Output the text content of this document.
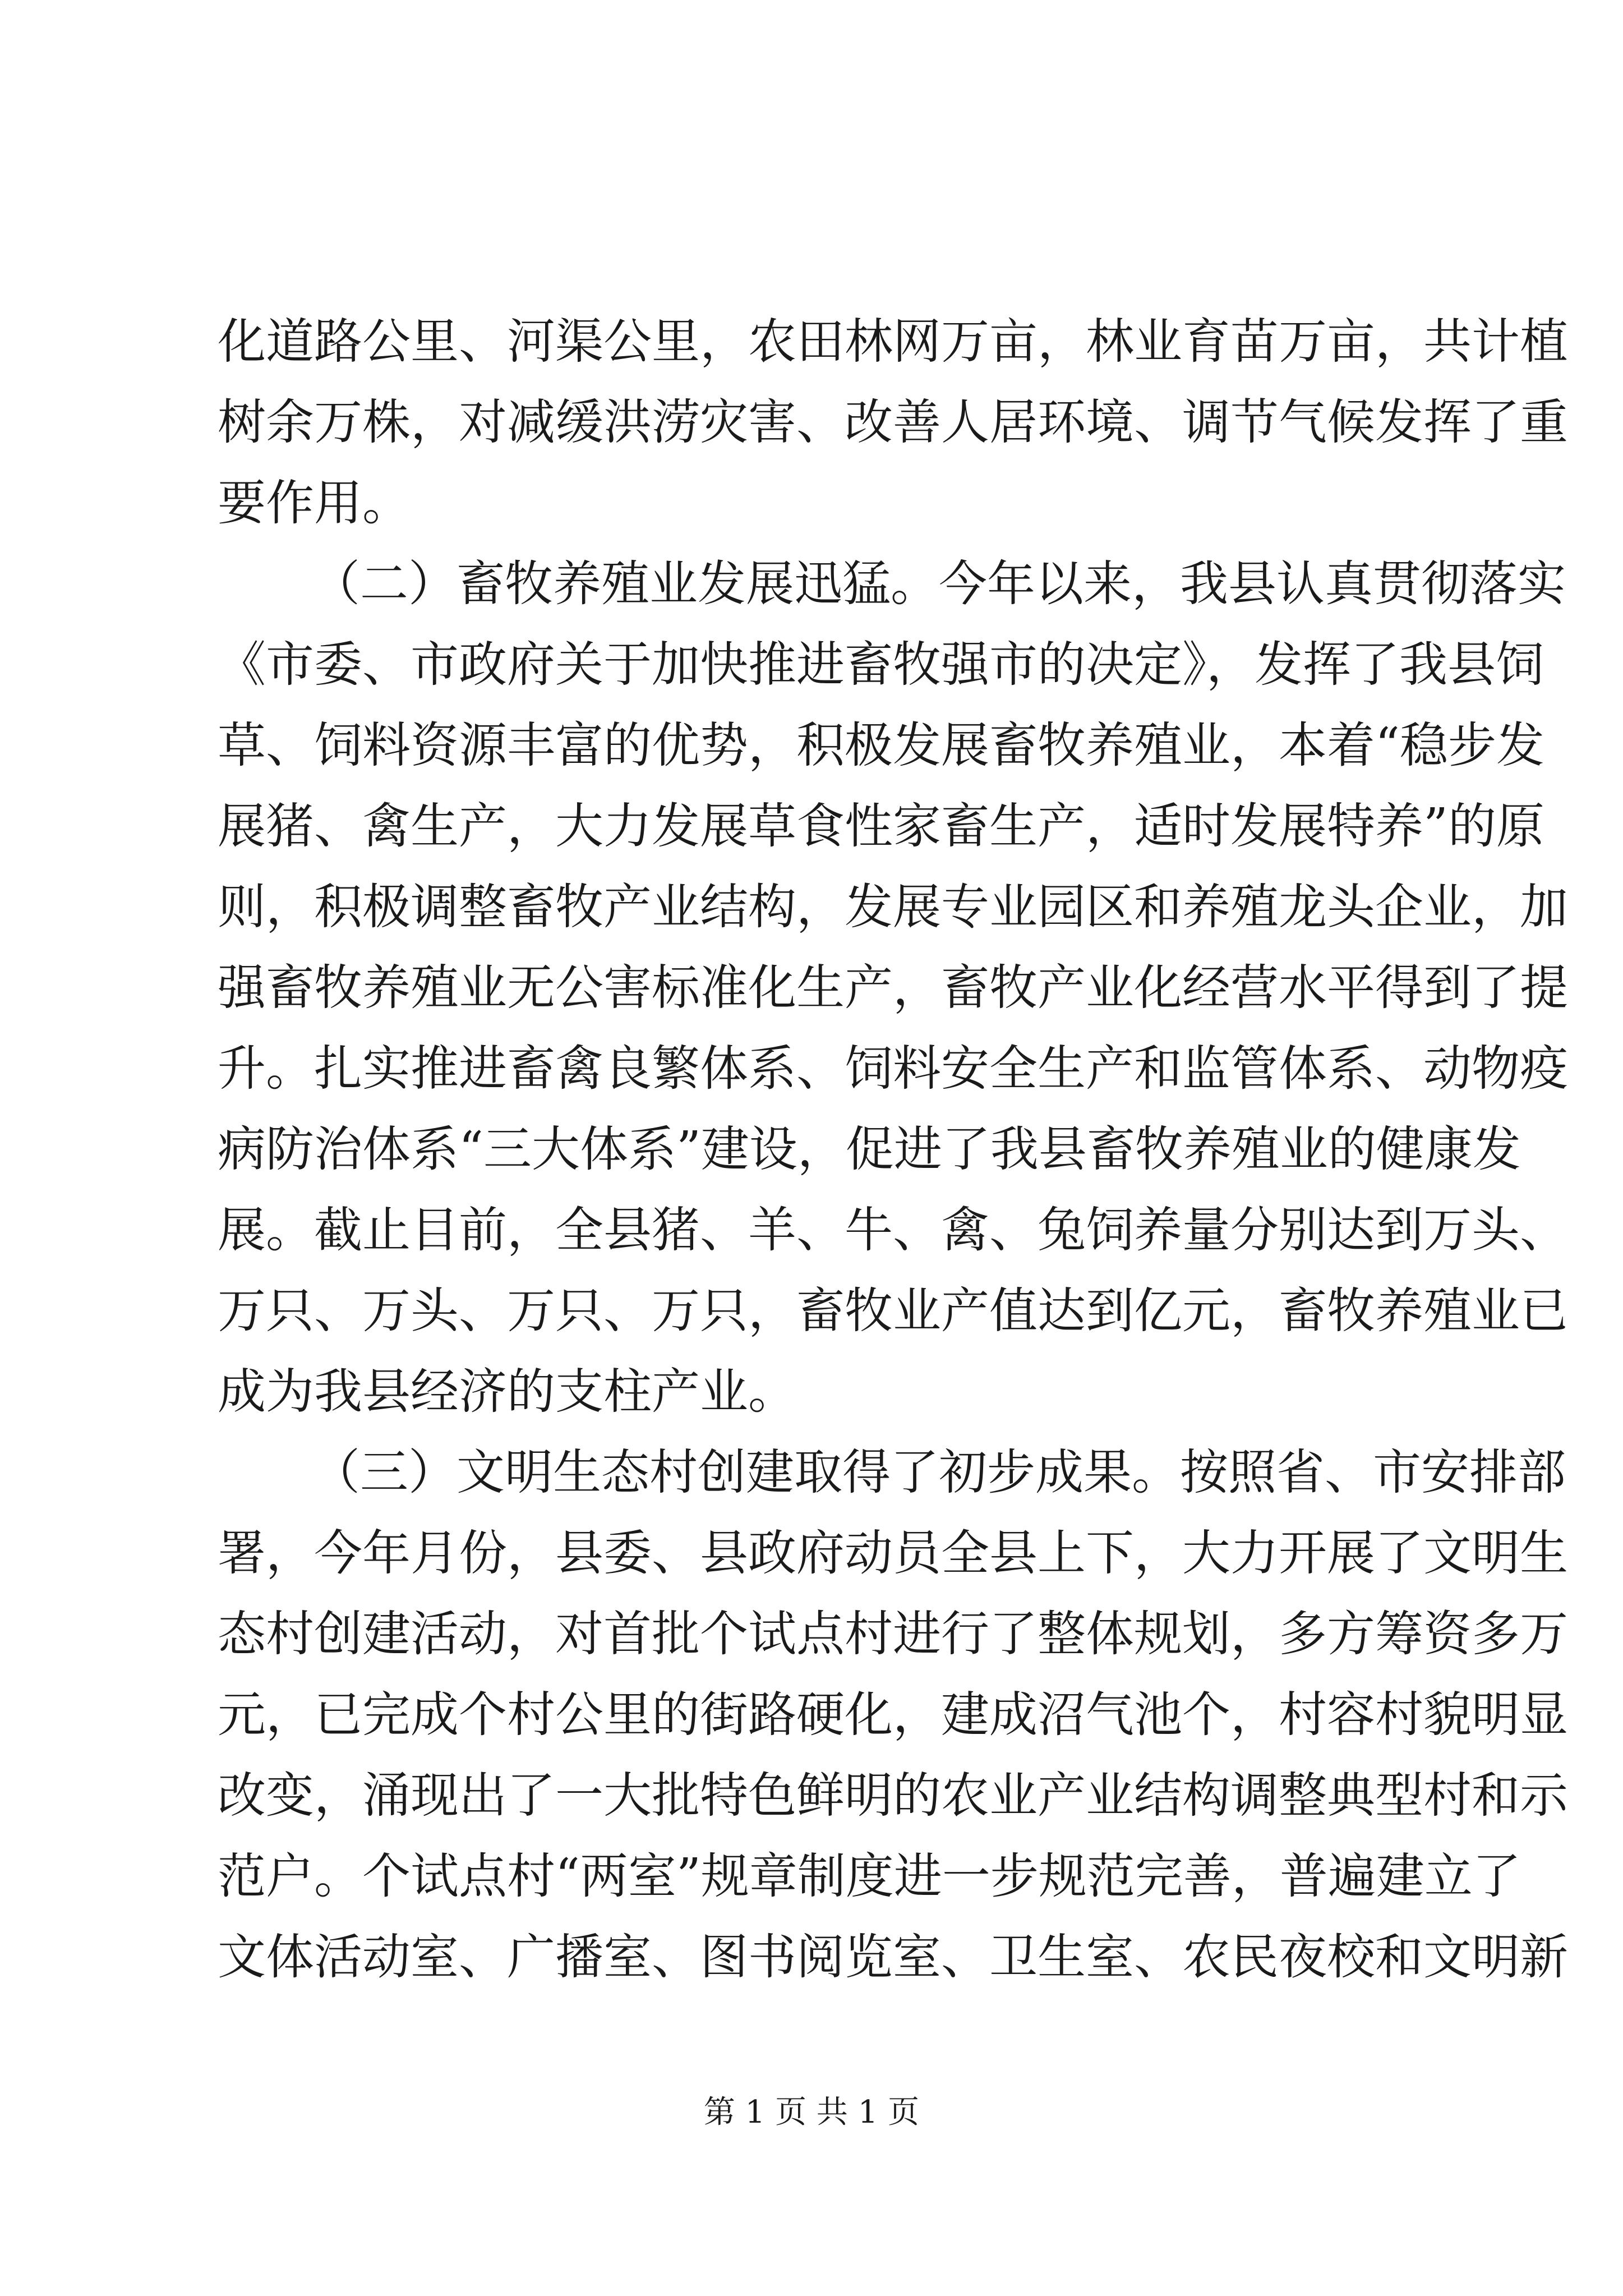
化道路公里、河渠公里，农田林网万亩，林业育苗万亩，共计植
树余万株，对减缓洪涝灾害、改善人居环境、调节气候发挥了重
要作用。
（二）畜牧养殖业发展迅猛。今年以来，我县认真贯彻落实
《市委、市政府关于加快推进畜牧强市的决定》，发挥了我县饲
草、饲料资源丰富的优势，积极发展畜牧养殖业，本着“稳步发
展猪、禽生产，大力发展草食性家畜生产，适时发展特养”的原
则，积极调整畜牧产业结构，发展专业园区和养殖龙头企业，加
强畜牧养殖业无公害标准化生产，畜牧产业化经营水平得到了提
升。扎实推进畜禽良繁体系、饲料安全生产和监管体系、动物疫
病防治体系“三大体系”建设，促进了我县畜牧养殖业的健康发
展。截止目前，全县猪、羊、牛、禽、兔饲养量分别达到万头、
万只、万头、万只、万只，畜牧业产值达到亿元，畜牧养殖业已
成为我县经济的支柱产业。
（三）文明生态村创建取得了初步成果。按照省、市安排部
署，今年月份，县委、县政府动员全县上下，大力开展了文明生
态村创建活动，对首批个试点村进行了整体规划，多方筹资多万
元，已完成个村公里的街路硬化，建成沼气池个，村容村貌明显
改变，涌现出了一大批特色鲜明的农业产业结构调整典型村和示
范户。个试点村“两室”规章制度进一步规范完善，普遍建立了
文体活动室、广播室、图书阅览室、卫生室、农民夜校和文明新
第 1 页 共 1 页
